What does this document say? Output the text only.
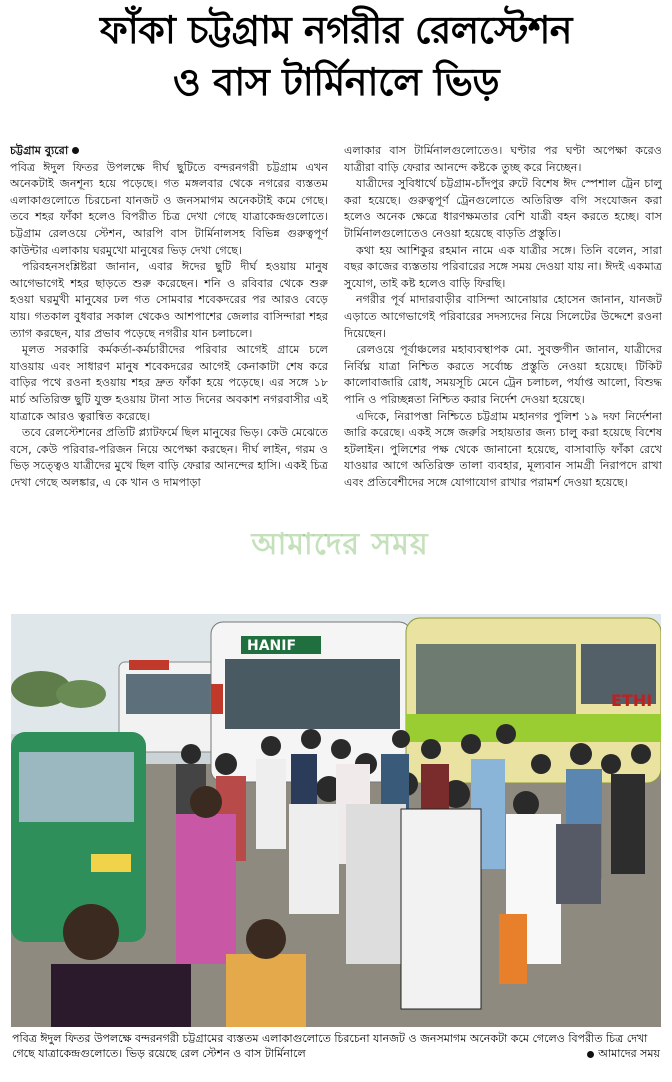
ফাঁকা চট্টগ্রাম নগরীর রেলস্টেশন
ও বাস টার্মিনালে ভিড়

চট্টগ্রাম ব্যুরো
পবিত্র ঈদুল ফিতর উপলক্ষে দীর্ঘ ছুটিতে বন্দরনগরী চট্টগ্রাম এখন অনেকটাই জনশূন্য হয়ে পড়েছে। গত মঙ্গলবার থেকে নগরের ব্যস্ততম এলাকাগুলোতে চিরচেনা যানজট ও জনসমাগম অনেকটাই কমে গেছে। তবে শহর ফাঁকা হলেও বিপরীত চিত্র দেখা গেছে যাত্রাকেন্দ্রগুলোতে। চট্টগ্রাম রেলওয়ে স্টেশন, আরপি বাস টার্মিনালসহ বিভিন্ন গুরুত্বপূর্ণ কাউন্টার এলাকায় ঘরমুখো মানুষের ভিড় দেখা গেছে।

পরিবহনসংশ্লিষ্টরা জানান, এবার ঈদের ছুটি দীর্ঘ হওয়ায় মানুষ আগেভাগেই শহর ছাড়তে শুরু করেছেন। শনি ও রবিবার থেকে শুরু হওয়া ঘরমুখী মানুষের ঢল গত সোমবার শবেকদরের পর আরও বেড়ে যায়। গতকাল বুধবার সকাল থেকেও আশপাশের জেলার বাসিন্দারা শহর ত্যাগ করছেন, যার প্রভাব পড়েছে নগরীর যান চলাচলে।

মূলত সরকারি কর্মকর্তা-কর্মচারীদের পরিবার আগেই গ্রামে চলে যাওয়ায় এবং সাধারণ মানুষ শবেকদরের আগেই কেনাকাটা শেষ করে বাড়ির পথে রওনা হওয়ায় শহর দ্রুত ফাঁকা হয়ে পড়েছে। এর সঙ্গে ১৮ মার্চ অতিরিক্ত ছুটি যুক্ত হওয়ায় টানা সাত দিনের অবকাশ নগরবাসীর এই যাত্রাকে আরও ত্বরান্বিত করেছে।

তবে রেলস্টেশনের প্রতিটি প্ল্যাটফর্মে ছিল মানুষের ভিড়। কেউ মেঝেতে বসে, কেউ পরিবার-পরিজন নিয়ে অপেক্ষা করছেন। দীর্ঘ লাইন, গরম ও ভিড় সত্ত্বেও যাত্রীদের মুখে ছিল বাড়ি ফেরার আনন্দের হাসি। একই চিত্র দেখা গেছে অলঙ্কার, এ কে খান ও দামপাড়া

এলাকার বাস টার্মিনালগুলোতেও। ঘণ্টার পর ঘণ্টা অপেক্ষা করেও যাত্রীরা বাড়ি ফেরার আনন্দে কষ্টকে তুচ্ছ করে নিচ্ছেন।

যাত্রীদের সুবিধার্থে চট্টগ্রাম-চাঁদপুর রুটে বিশেষ ঈদ স্পেশাল ট্রেন চালু করা হয়েছে। গুরুত্বপূর্ণ ট্রেনগুলোতে অতিরিক্ত বগি সংযোজন করা হলেও অনেক ক্ষেত্রে ধারণক্ষমতার বেশি যাত্রী বহন করতে হচ্ছে। বাস টার্মিনালগুলোতেও নেওয়া হয়েছে বাড়তি প্রস্তুতি।

কথা হয় আশিকুর রহমান নামে এক যাত্রীর সঙ্গে। তিনি বলেন, সারা বছর কাজের ব্যস্ততায় পরিবারের সঙ্গে সময় দেওয়া যায় না। ঈদই একমাত্র সুযোগ, তাই কষ্ট হলেও বাড়ি ফিরছি।

নগরীর পূর্ব মাদারবাড়ীর বাসিন্দা আনোয়ার হোসেন জানান, যানজট এড়াতে আগেভাগেই পরিবারের সদস্যদের নিয়ে সিলেটের উদ্দেশে রওনা দিয়েছেন।

রেলওয়ে পূর্বাঞ্চলের মহাব্যবস্থাপক মো. সুবক্তগীন জানান, যাত্রীদের নির্বিঘ্ন যাত্রা নিশ্চিত করতে সর্বোচ্চ প্রস্তুতি নেওয়া হয়েছে। টিকিট কালোবাজারি রোধ, সময়সূচি মেনে ট্রেন চলাচল, পর্যাপ্ত আলো, বিশুদ্ধ পানি ও পরিচ্ছন্নতা নিশ্চিত করার নির্দেশ দেওয়া হয়েছে।

এদিকে, নিরাপত্তা নিশ্চিতে চট্টগ্রাম মহানগর পুলিশ ১৯ দফা নির্দেশনা জারি করেছে। একই সঙ্গে জরুরি সহায়তার জন্য চালু করা হয়েছে বিশেষ হটলাইন। পুলিশের পক্ষ থেকে জানানো হয়েছে, বাসাবাড়ি ফাঁকা রেখে যাওয়ার আগে অতিরিক্ত তালা ব্যবহার, মূল্যবান সামগ্রী নিরাপদে রাখা এবং প্রতিবেশীদের সঙ্গে যোগাযোগ রাখার পরামর্শ দেওয়া হয়েছে।

আমাদের সময়
HANIF
ETHI
পবিত্র ঈদুল ফিতর উপলক্ষে বন্দরনগরী চট্টগ্রামের ব্যস্ততম এলাকাগুলোতে চিরচেনা যানজট ও জনসমাগম অনেকটা কমে গেলেও বিপরীত চিত্র দেখা গেছে যাত্রাকেন্দ্রগুলোতে। ভিড় রয়েছে রেল স্টেশন ও বাস টার্মিনালে	আমাদের সময়
